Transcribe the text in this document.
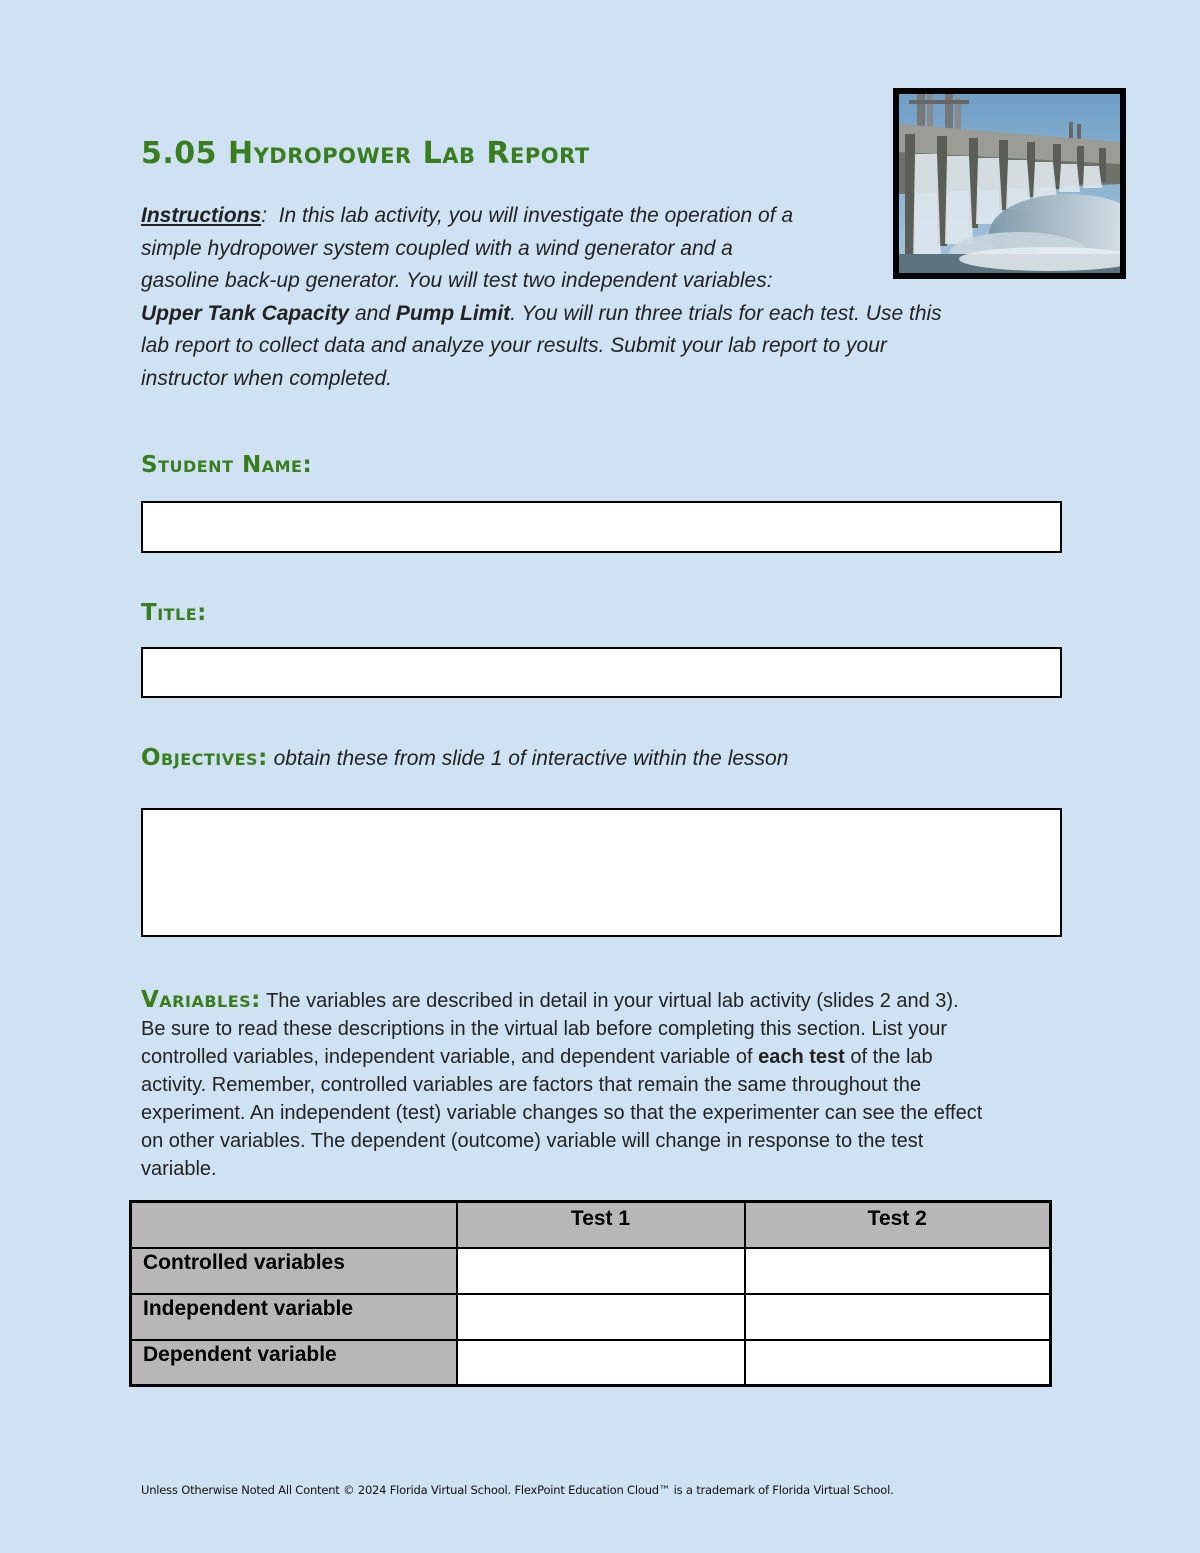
5.05 Hydropower Lab Report
Instructions:  In this lab activity, you will investigate the operation of a
simple hydropower system coupled with a wind generator and a
gasoline back-up generator. You will test two independent variables:
Upper Tank Capacity and Pump Limit. You will run three trials for each test. Use this
lab report to collect data and analyze your results. Submit your lab report to your
instructor when completed.
Student Name:
Title:
Objectives: obtain these from slide 1 of interactive within the lesson
Variables: The variables are described in detail in your virtual lab activity (slides 2 and 3).
Be sure to read these descriptions in the virtual lab before completing this section. List your
controlled variables, independent variable, and dependent variable of each test of the lab
activity. Remember, controlled variables are factors that remain the same throughout the
experiment. An independent (test) variable changes so that the experimenter can see the effect
on other variables. The dependent (outcome) variable will change in response to the test
variable.
	Test 1	Test 2
Controlled variables		
Independent variable		
Dependent variable		
Unless Otherwise Noted All Content © 2024 Florida Virtual School. FlexPoint Education Cloud™ is a trademark of Florida Virtual School.
